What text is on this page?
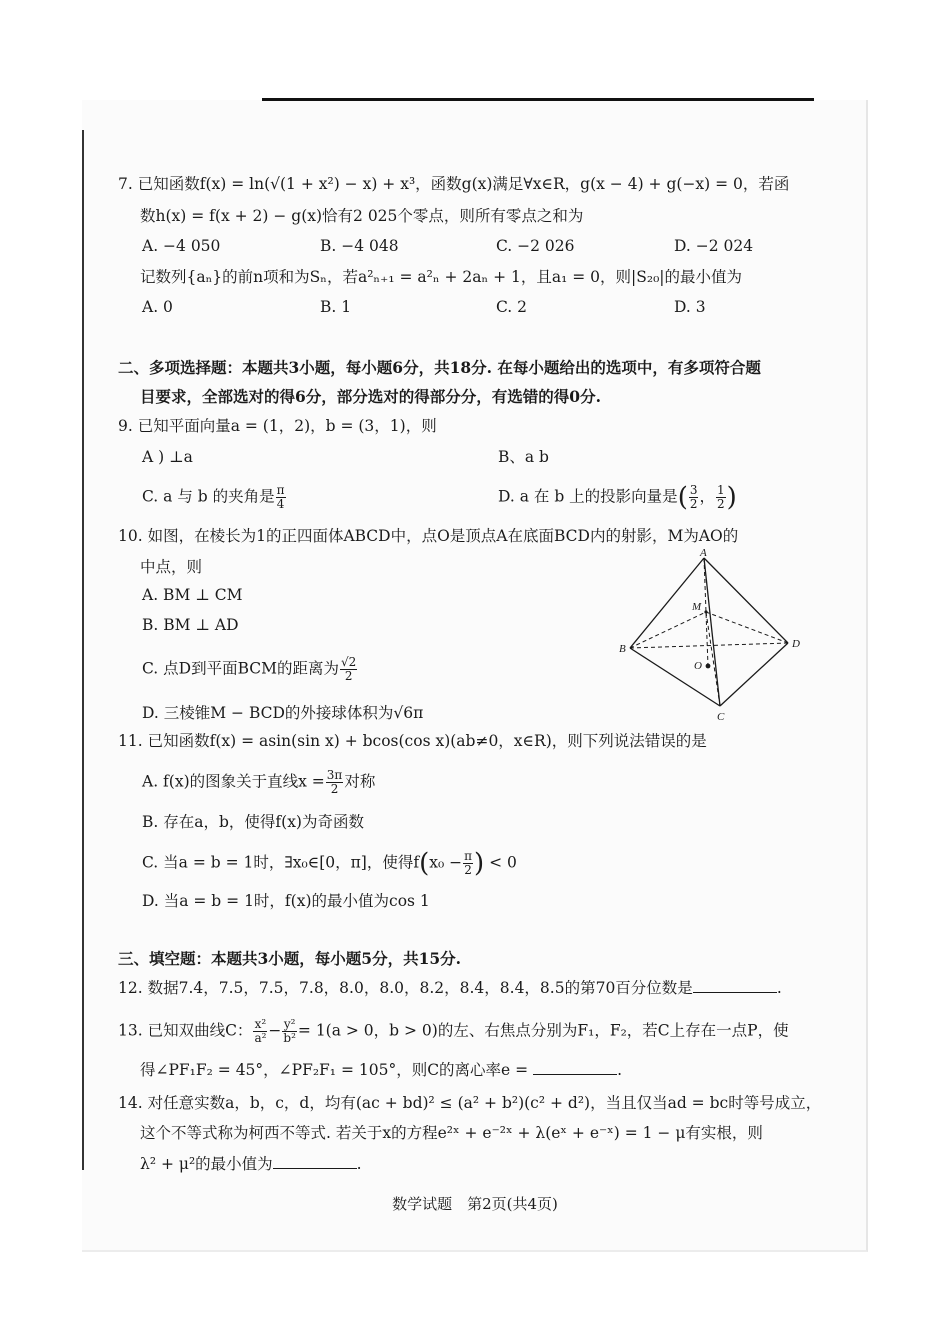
7. 已知函数f(x) = ln(√(1 + x²) − x) + x³，函数g(x)满足∀x∈R，g(x − 4) + g(−x) = 0，若函
数h(x) = f(x + 2) − g(x)恰有2 025个零点，则所有零点之和为
A. −4 050	B. −4 048	C. −2 026	D. −2 024
记数列{aₙ}的前n项和为Sₙ，若a²ₙ₊₁ = a²ₙ + 2aₙ + 1，且a₁ = 0，则|S₂₀|的最小值为
A. 0	B. 1	C. 2	D. 3
二、多项选择题：本题共3小题，每小题6分，共18分. 在每小题给出的选项中，有多项符合题
目要求，全部选对的得6分，部分选对的得部分分，有选错的得0分.
9. 已知平面向量a = (1，2)，b = (3，1)，则
A ) ⊥a	B、a b
C. a 与 b 的夹角是 $\frac{\pi}{4}$	D. a 在 b 上的投影向量是( $\frac{3}{2}$ ， $\frac{1}{2}$ )
10. 如图，在棱长为1的正四面体ABCD中，点O是顶点A在底面BCD内的射影，M为AO的
中点，则
A. BM ⊥ CM
B. BM ⊥ AD
C. 点D到平面BCM的距离为 $\frac{√2}{2}$
D. 三棱锥M − BCD的外接球体积为√6π
A
B
C
D
M
O
11. 已知函数f(x) = asin(sin x) + bcos(cos x)(ab≠0，x∈R)，则下列说法错误的是
A. f(x)的图象关于直线$x = \frac{3\pi}{2}$ 对称
B. 存在a，b，使得f(x)为奇函数
C. 当a = b = 1时，∃x₀∈[0，π]，使得$f(x_0 - \frac{\pi}{2}$ ) < 0
D. 当a = b = 1时，f(x)的最小值为cos 1
三、填空题：本题共3小题，每小题5分，共15分.
12. 数据7.4，7.5，7.5，7.8，8.0，8.0，8.2，8.4，8.4，8.5的第70百分位数是	.
13. 已知双曲线C： $\frac{\text{x²}}{\text{a²}} - \frac{\text{y²}}{\text{b²}} = 1(a > 0$，b > 0)的左、右焦点分别为F₁，F₂，若C上存在一点P，使
得∠PF₁F₂ = 45°，∠PF₂F₁ = 105°，则C的离心率e =	.
14. 对任意实数a，b，c，d，均有(ac + bd)² ≤ (a² + b²)(c² + d²)，当且仅当ad = bc时等号成立，
这个不等式称为柯西不等式. 若关于x的方程e²ˣ + e⁻²ˣ + λ(eˣ + e⁻ˣ) = 1 − μ有实根，则
λ² + μ²的最小值为	.
数学试题　第2页(共4页)
